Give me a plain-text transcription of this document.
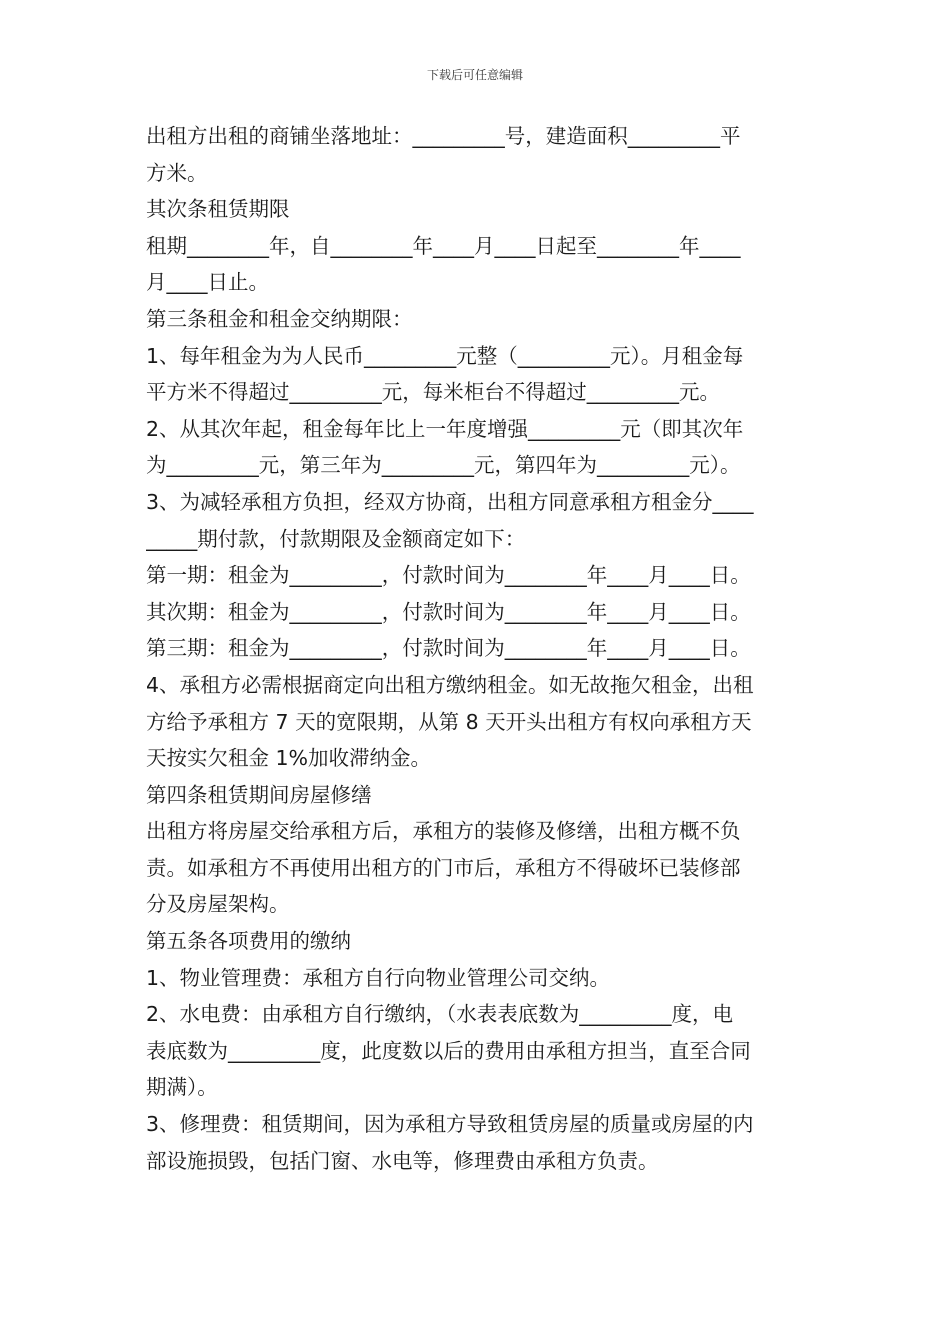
下载后可任意编辑
出租方出租的商铺坐落地址：_________号，建造面积_________平
方米。
其次条租赁期限
租期________年，自________年____月____日起至________年____
月____日止。
第三条租金和租金交纳期限：
1、每年租金为为人民币_________元整（_________元）。月租金每
平方米不得超过_________元，每米柜台不得超过_________元。
2、从其次年起，租金每年比上一年度增强_________元（即其次年
为_________元，第三年为_________元，第四年为_________元）。
3、为减轻承租方负担，经双方协商，出租方同意承租方租金分____
_____期付款，付款期限及金额商定如下：
第一期：租金为_________，付款时间为________年____月____日。
其次期：租金为_________，付款时间为________年____月____日。
第三期：租金为_________，付款时间为________年____月____日。
4、承租方必需根据商定向出租方缴纳租金。如无故拖欠租金，出租
方给予承租方 7 天的宽限期，从第 8 天开头出租方有权向承租方天
天按实欠租金 1%加收滞纳金。
第四条租赁期间房屋修缮
出租方将房屋交给承租方后，承租方的装修及修缮，出租方概不负
责。如承租方不再使用出租方的门市后，承租方不得破坏已装修部
分及房屋架构。
第五条各项费用的缴纳
1、物业管理费：承租方自行向物业管理公司交纳。
2、水电费：由承租方自行缴纳，（水表表底数为_________度，电
表底数为_________度，此度数以后的费用由承租方担当，直至合同
期满）。
3、修理费：租赁期间，因为承租方导致租赁房屋的质量或房屋的内
部设施损毁，包括门窗、水电等，修理费由承租方负责。
